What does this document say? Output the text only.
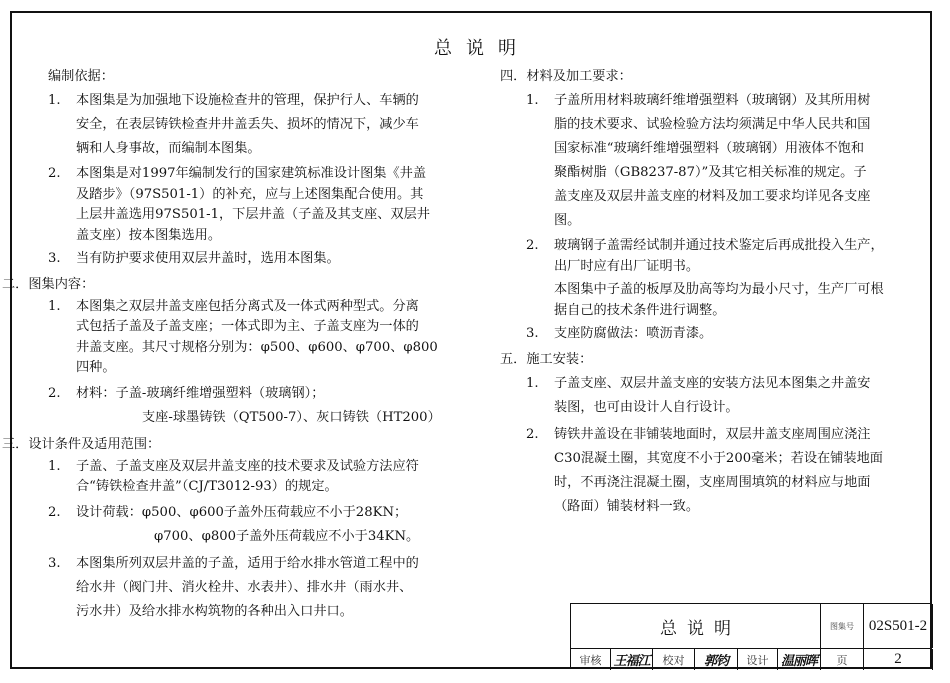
总说明
编制依据：
1.	本图集是为加强地下设施检查井的管理，保护行人、车辆的
安全，在表层铸铁检查井井盖丢失、损坏的情况下，减少车
辆和人身事故，而编制本图集。
2.	本图集是对1997年编制发行的国家建筑标准设计图集《井盖
及踏步》（97S501-1）的补充，应与上述图集配合使用。其
上层井盖选用97S501-1，下层井盖（子盖及其支座、双层井
盖支座）按本图集选用。
3.	当有防护要求使用双层井盖时，选用本图集。
二．图集内容：
1.	本图集之双层井盖支座包括分离式及一体式两种型式。分离
式包括子盖及子盖支座；一体式即为主、子盖支座为一体的
井盖支座。其尺寸规格分别为：φ500、φ600、φ700、φ800
四种。
2.	材料：子盖-玻璃纤维增强塑料（玻璃钢）；
支座-球墨铸铁（QT500-7）、灰口铸铁（HT200）
三．设计条件及适用范围：
1.	子盖、子盖支座及双层井盖支座的技术要求及试验方法应符
合“铸铁检查井盖”（CJ/T3012-93）的规定。
2.	设计荷载：φ500、φ600子盖外压荷载应不小于28KN；
φ700、φ800子盖外压荷载应不小于34KN。
3.	本图集所列双层井盖的子盖，适用于给水排水管道工程中的
给水井（阀门井、消火栓井、水表井）、排水井（雨水井、
污水井）及给水排水构筑物的各种出入口井口。
四．材料及加工要求：
1.	子盖所用材料玻璃纤维增强塑料（玻璃钢）及其所用树
脂的技术要求、试验检验方法均须满足中华人民共和国
国家标准“玻璃纤维增强塑料（玻璃钢）用液体不饱和
聚酯树脂（GB8237-87）”及其它相关标准的规定。子
盖支座及双层井盖支座的材料及加工要求均详见各支座
图。
2.	玻璃钢子盖需经试制并通过技术鉴定后再成批投入生产，
出厂时应有出厂证明书。
本图集中子盖的板厚及肋高等均为最小尺寸，生产厂可根
据自己的技术条件进行调整。
3.	支座防腐做法：喷沥青漆。
五．施工安装：
1.	子盖支座、双层井盖支座的安装方法见本图集之井盖安
装图，也可由设计人自行设计。
2.	铸铁井盖设在非铺装地面时，双层井盖支座周围应浇注
C30混凝土圈，其宽度不小于200毫米；若设在铺装地面
时，不再浇注混凝土圈，支座周围填筑的材料应与地面
（路面）铺装材料一致。
总说明	图集号 02S501-2
审核 王福江	校对	郭钧	设计 温丽晖	页	2
